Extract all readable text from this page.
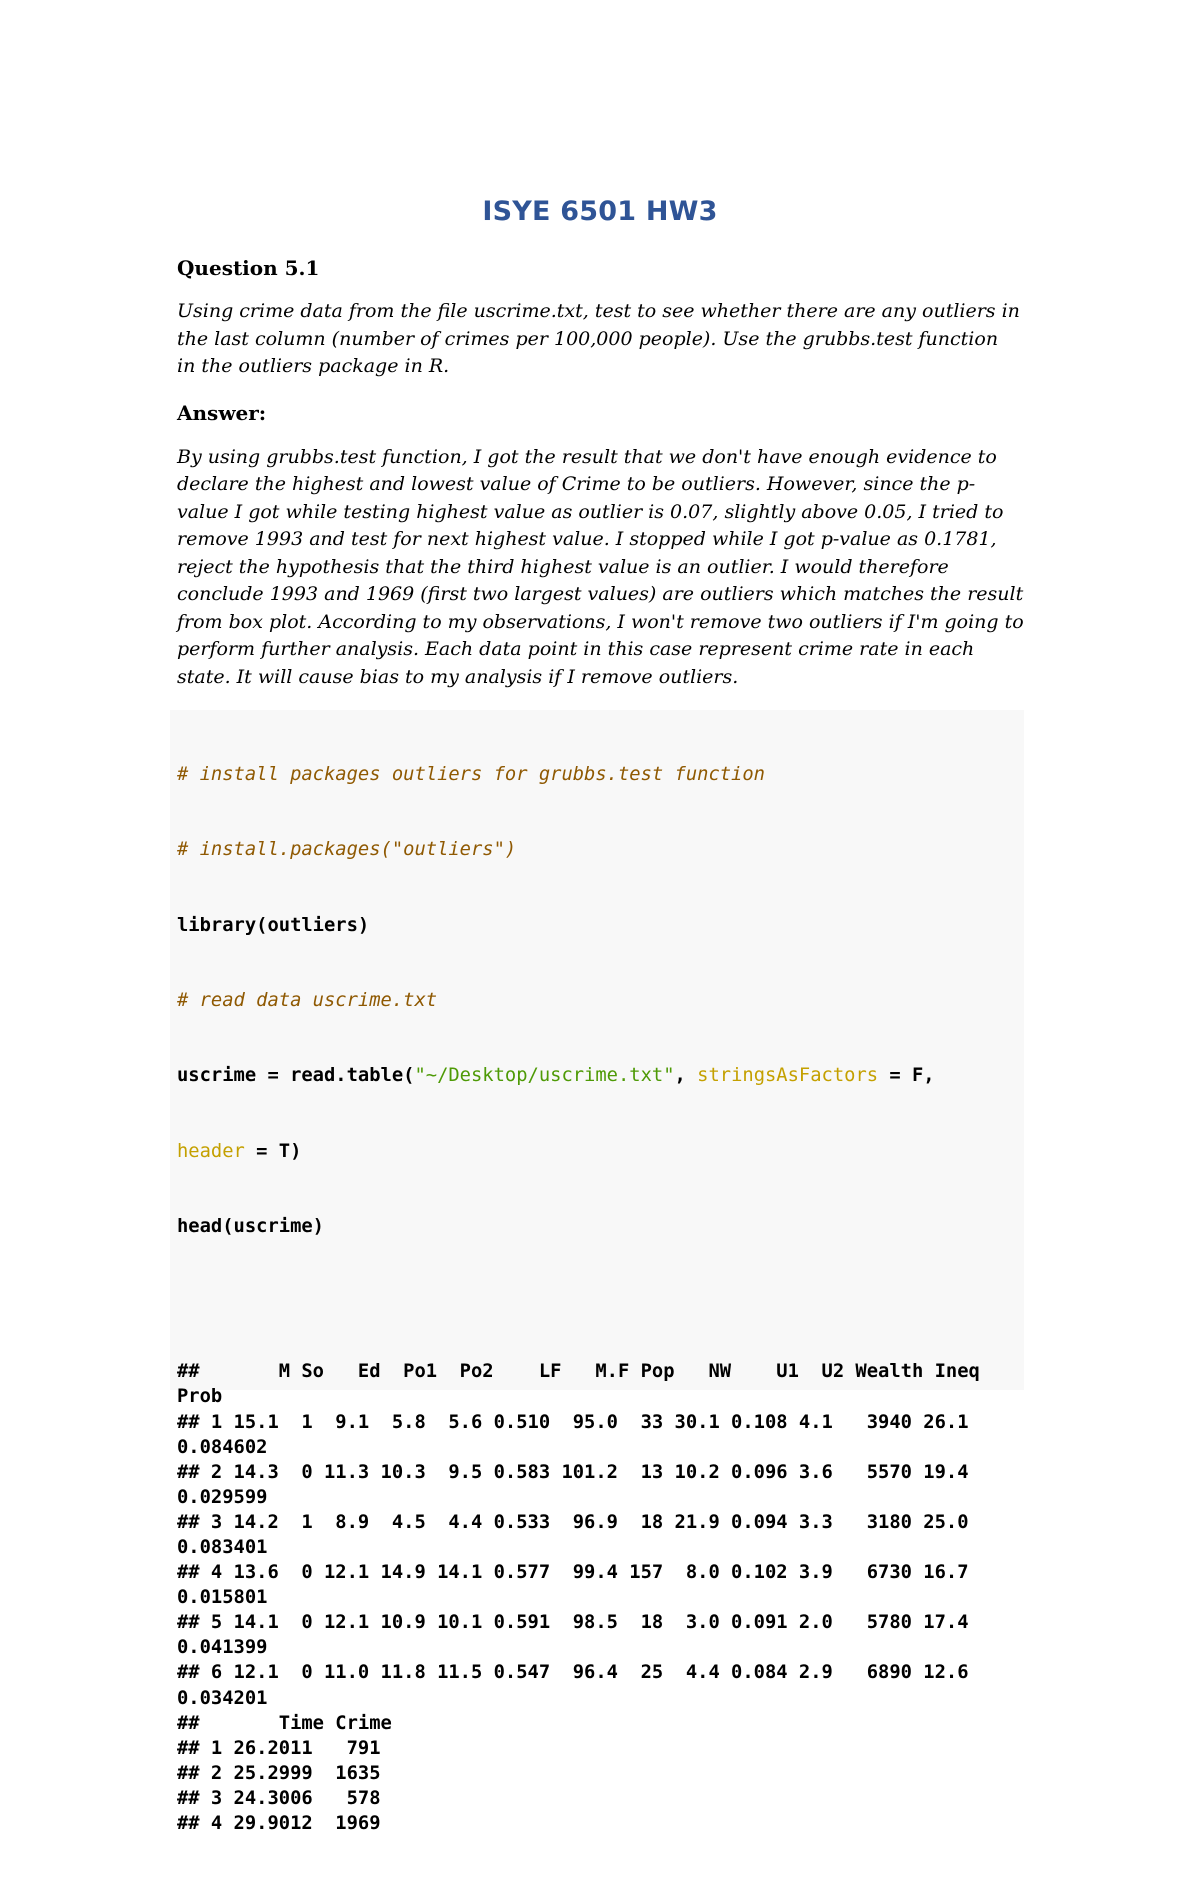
ISYE 6501 HW3

Question 5.1

Using crime data from the file uscrime.txt, test to see whether there are any outliers in the last column (number of crimes per 100,000 people). Use the grubbs.test function in the outliers package in R.

Answer:

By using grubbs.test function, I got the result that we don't have enough evidence to declare the highest and lowest value of Crime to be outliers. However, since the p-value I got while testing highest value as outlier is 0.07, slightly above 0.05, I tried to remove 1993 and test for next highest value. I stopped while I got p-value as 0.1781, reject the hypothesis that the third highest value is an outlier. I would therefore conclude 1993 and 1969 (first two largest values) are outliers which matches the result from box plot. According to my observations, I won't remove two outliers if I'm going to perform further analysis. Each data point in this case represent crime rate in each state. It will cause bias to my analysis if I remove outliers.

# install packages outliers for grubbs.test function

# install.packages("outliers")

library(outliers)

# read data uscrime.txt

uscrime = read.table("~/Desktop/uscrime.txt", stringsAsFactors = F,

header = T)

head(uscrime)

##       M So   Ed  Po1  Po2    LF   M.F Pop   NW    U1  U2 Wealth Ineq
Prob
## 1 15.1  1  9.1  5.8  5.6 0.510  95.0  33 30.1 0.108 4.1   3940 26.1
0.084602
## 2 14.3  0 11.3 10.3  9.5 0.583 101.2  13 10.2 0.096 3.6   5570 19.4
0.029599
## 3 14.2  1  8.9  4.5  4.4 0.533  96.9  18 21.9 0.094 3.3   3180 25.0
0.083401
## 4 13.6  0 12.1 14.9 14.1 0.577  99.4 157  8.0 0.102 3.9   6730 16.7
0.015801
## 5 14.1  0 12.1 10.9 10.1 0.591  98.5  18  3.0 0.091 2.0   5780 17.4
0.041399
## 6 12.1  0 11.0 11.8 11.5 0.547  96.4  25  4.4 0.084 2.9   6890 12.6
0.034201
##       Time Crime
## 1 26.2011   791
## 2 25.2999  1635
## 3 24.3006   578
## 4 29.9012  1969
